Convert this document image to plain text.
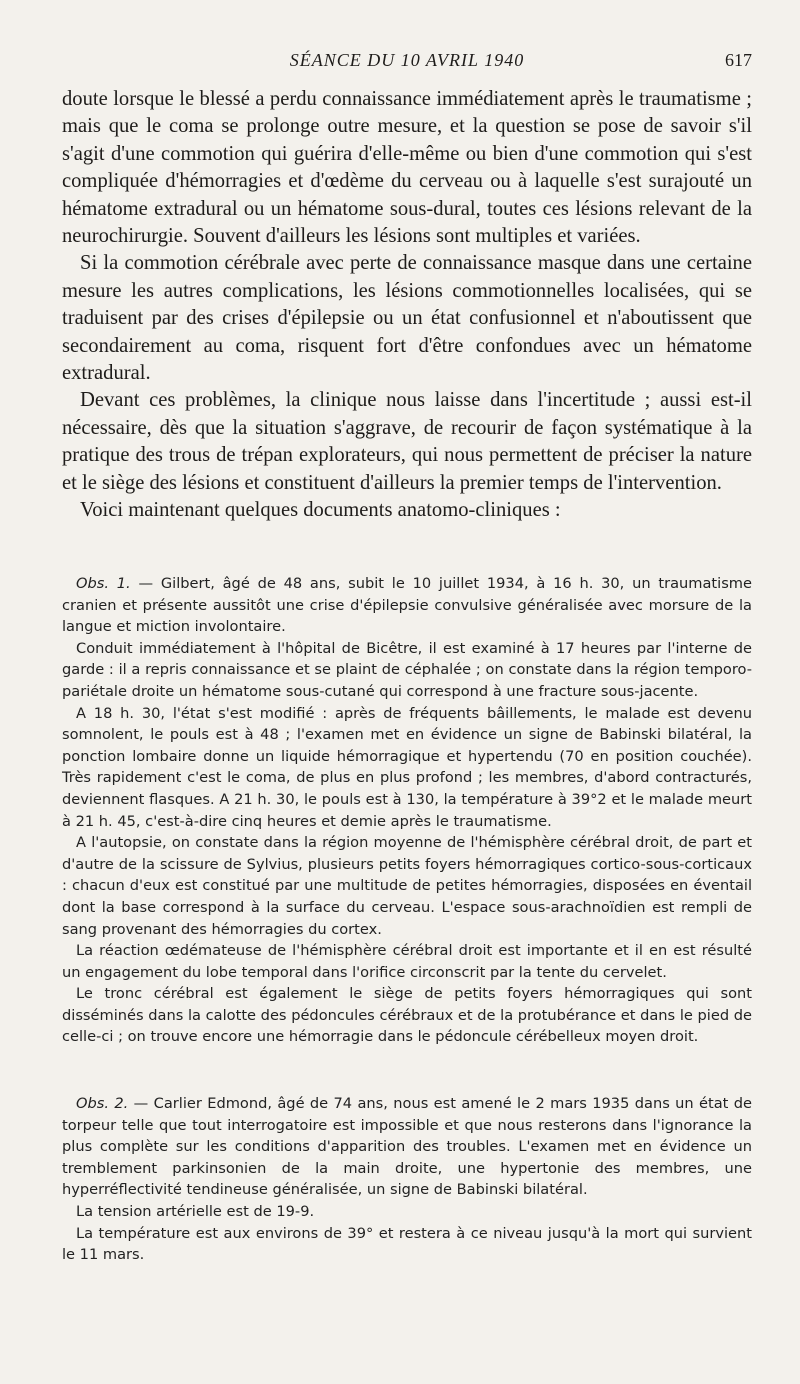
SÉANCE DU 10 AVRIL 1940	617

doute lorsque le blessé a perdu connaissance immédiatement après le traumatisme ; mais que le coma se prolonge outre mesure, et la question se pose de savoir s'il s'agit d'une commotion qui guérira d'elle-même ou bien d'une commotion qui s'est compliquée d'hémorragies et d'œdème du cerveau ou à laquelle s'est surajouté un hématome extradural ou un hématome sous-dural, toutes ces lésions relevant de la neurochirurgie. Souvent d'ailleurs les lésions sont multiples et variées.

Si la commotion cérébrale avec perte de connaissance masque dans une certaine mesure les autres complications, les lésions commotionnelles localisées, qui se traduisent par des crises d'épilepsie ou un état confusionnel et n'aboutissent que secondairement au coma, risquent fort d'être confondues avec un hématome extradural.

Devant ces problèmes, la clinique nous laisse dans l'incertitude ; aussi est-il nécessaire, dès que la situation s'aggrave, de recourir de façon systématique à la pratique des trous de trépan explorateurs, qui nous permettent de préciser la nature et le siège des lésions et constituent d'ailleurs la premier temps de l'intervention.

Voici maintenant quelques documents anatomo-cliniques :

Obs. 1. — Gilbert, âgé de 48 ans, subit le 10 juillet 1934, à 16 h. 30, un traumatisme cranien et présente aussitôt une crise d'épilepsie convulsive généralisée avec morsure de la langue et miction involontaire.

Conduit immédiatement à l'hôpital de Bicêtre, il est examiné à 17 heures par l'interne de garde : il a repris connaissance et se plaint de céphalée ; on constate dans la région temporo-pariétale droite un hématome sous-cutané qui correspond à une fracture sous-jacente.

A 18 h. 30, l'état s'est modifié : après de fréquents bâillements, le malade est devenu somnolent, le pouls est à 48 ; l'examen met en évidence un signe de Babinski bilatéral, la ponction lombaire donne un liquide hémorragique et hypertendu (70 en position couchée). Très rapidement c'est le coma, de plus en plus profond ; les membres, d'abord contracturés, deviennent flasques. A 21 h. 30, le pouls est à 130, la température à 39°2 et le malade meurt à 21 h. 45, c'est-à-dire cinq heures et demie après le traumatisme.

A l'autopsie, on constate dans la région moyenne de l'hémisphère cérébral droit, de part et d'autre de la scissure de Sylvius, plusieurs petits foyers hémorragiques cortico-sous-corticaux : chacun d'eux est constitué par une multitude de petites hémorragies, disposées en éventail dont la base correspond à la surface du cerveau. L'espace sous-arachnoïdien est rempli de sang provenant des hémorragies du cortex.

La réaction œdémateuse de l'hémisphère cérébral droit est importante et il en est résulté un engagement du lobe temporal dans l'orifice circonscrit par la tente du cervelet.

Le tronc cérébral est également le siège de petits foyers hémorragiques qui sont disséminés dans la calotte des pédoncules cérébraux et de la protubérance et dans le pied de celle-ci ; on trouve encore une hémorragie dans le pédoncule cérébelleux moyen droit.

Obs. 2. — Carlier Edmond, âgé de 74 ans, nous est amené le 2 mars 1935 dans un état de torpeur telle que tout interrogatoire est impossible et que nous resterons dans l'ignorance la plus complète sur les conditions d'apparition des troubles. L'examen met en évidence un tremblement parkinsonien de la main droite, une hypertonie des membres, une hyperréflectivité tendineuse généralisée, un signe de Babinski bilatéral.

La tension artérielle est de 19-9.

La température est aux environs de 39° et restera à ce niveau jusqu'à la mort qui survient le 11 mars.
